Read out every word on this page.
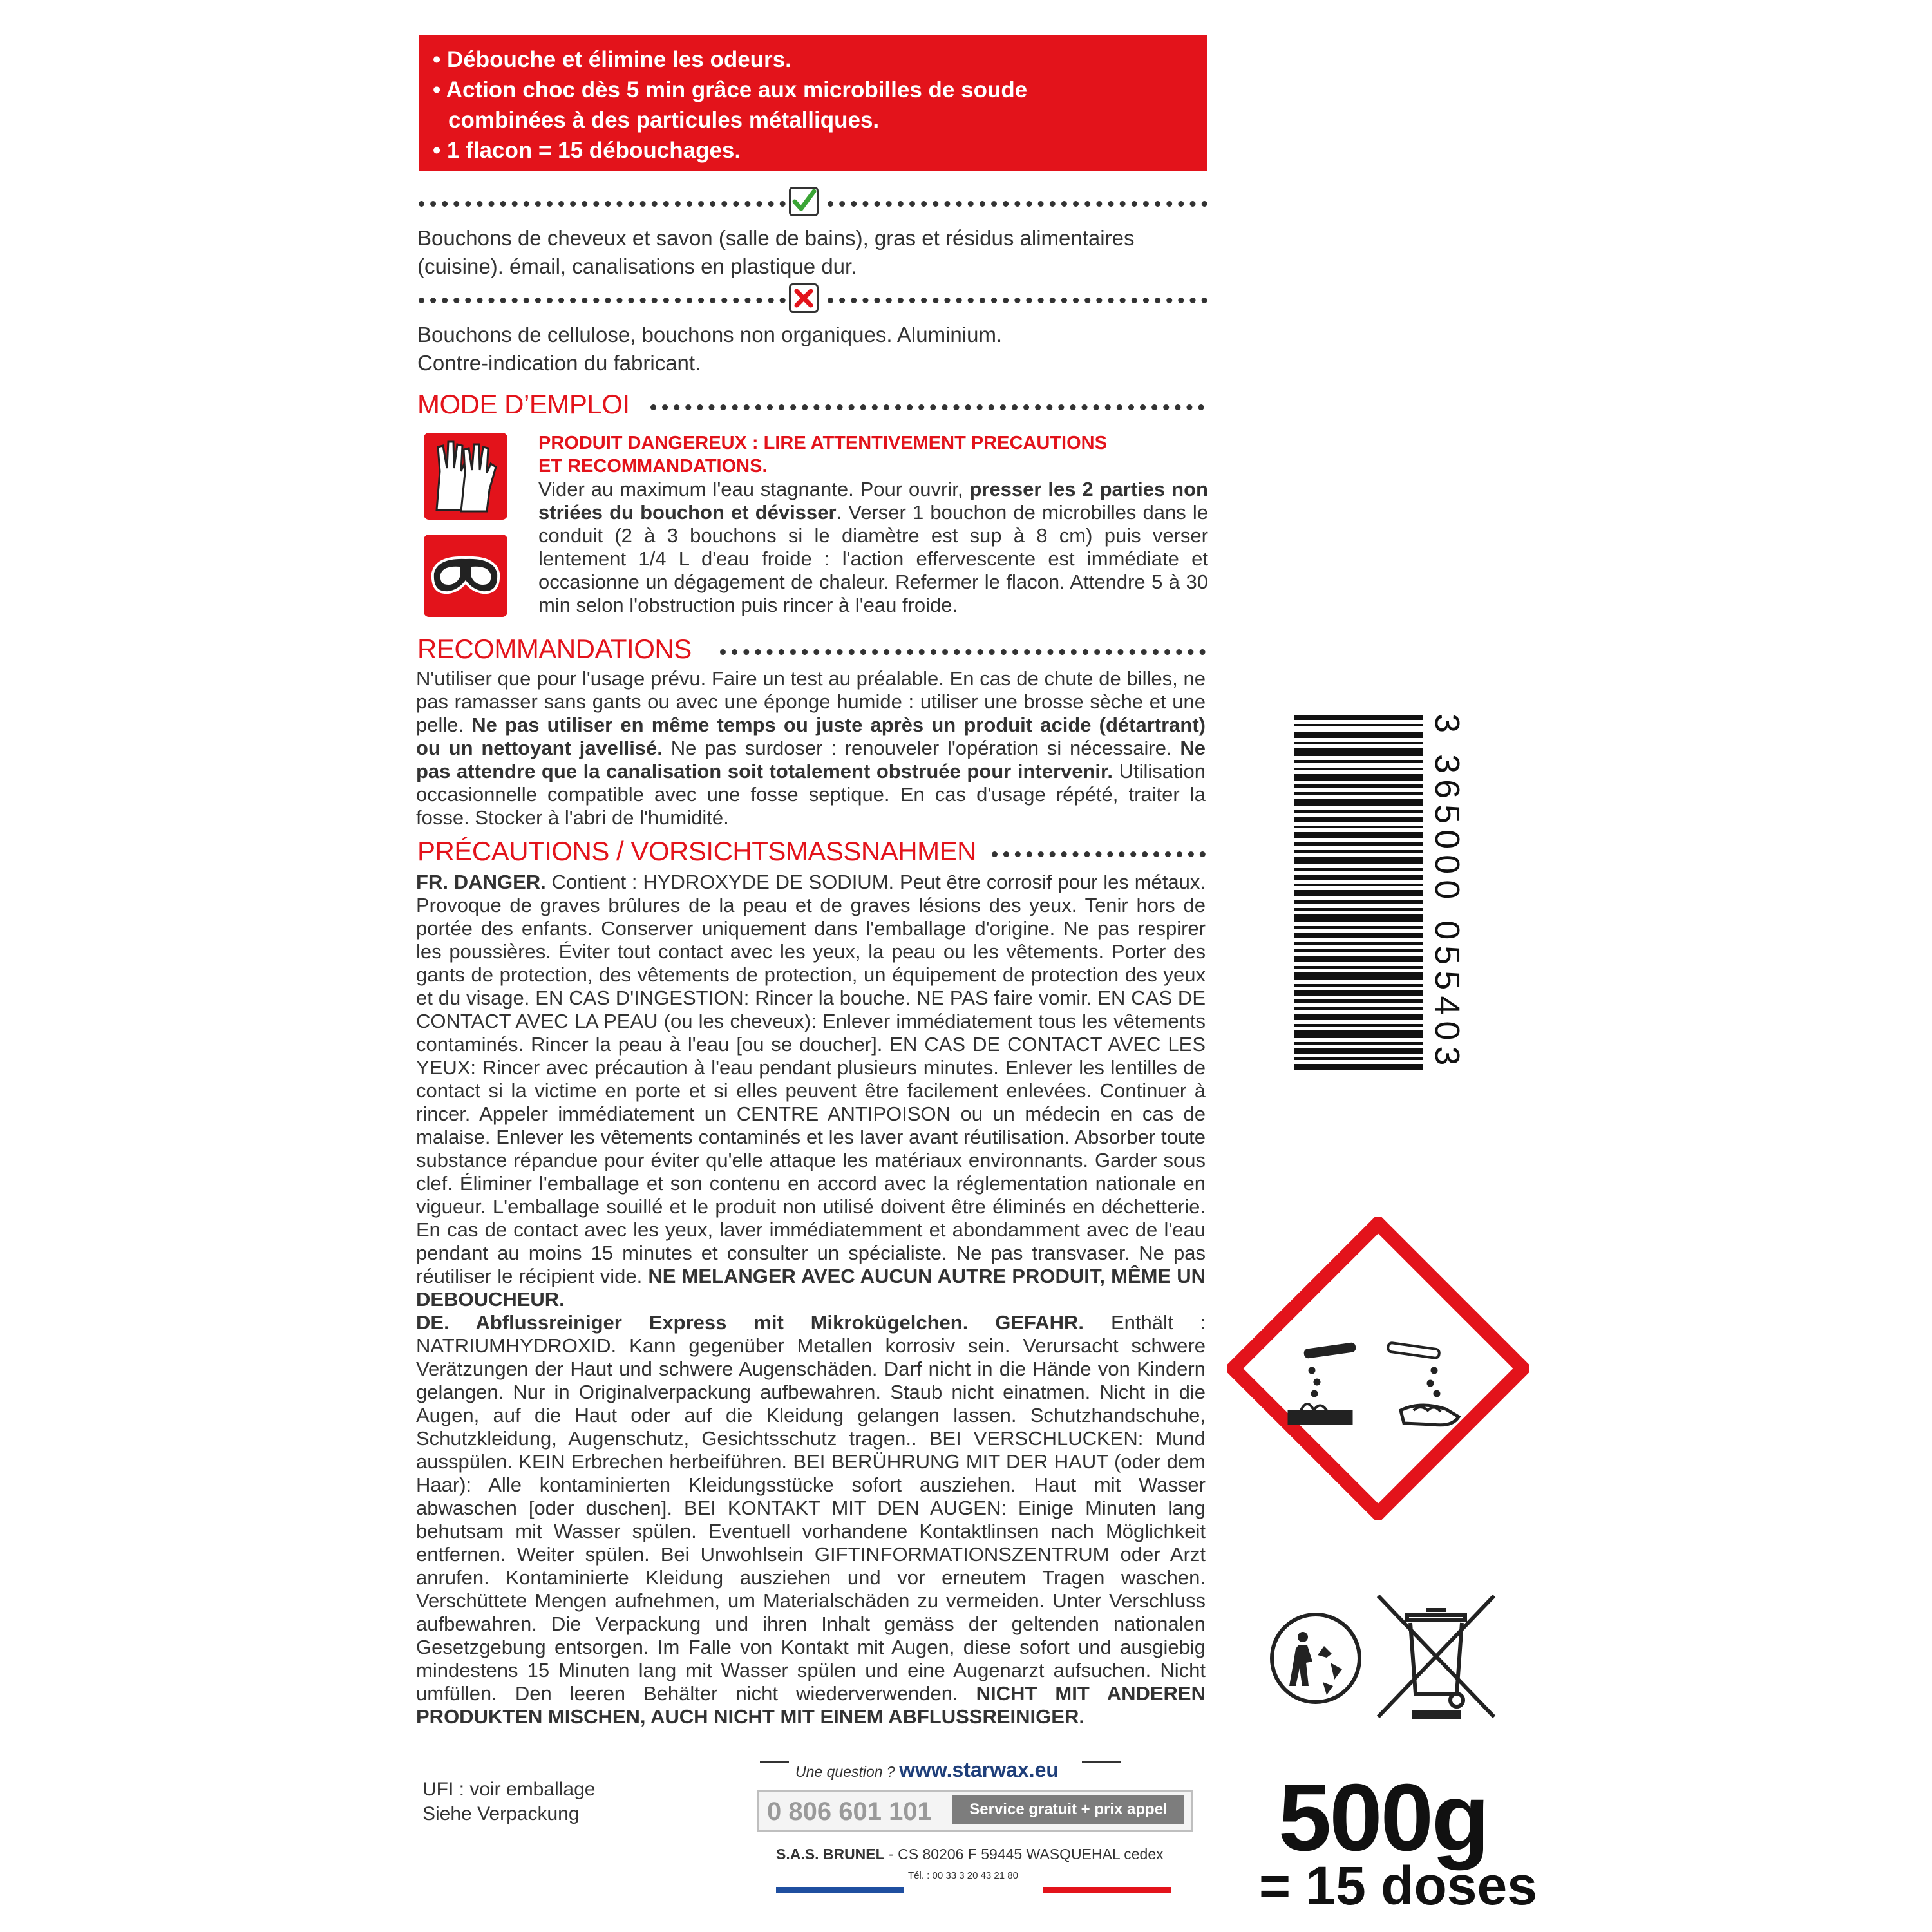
• Débouche et élimine les odeurs.
• Action choc dès 5 min grâce aux microbilles de soude
combinées à des particules métalliques.
• 1 flacon = 15 débouchages.
Bouchons de cheveux et savon (salle de bains), gras et résidus alimentaires
(cuisine). émail, canalisations en plastique dur.
Bouchons de cellulose, bouchons non organiques. Aluminium.
Contre-indication du fabricant.
MODE D’EMPLOI
PRODUIT DANGEREUX : LIRE ATTENTIVEMENT PRECAUTIONS
ET RECOMMANDATIONS.
Vider au maximum l'eau stagnante. Pour ouvrir, presser les 2 parties non striées du bouchon et dévisser. Verser 1 bouchon de microbilles dans le conduit (2 à 3 bouchons si le diamètre est sup à 8 cm) puis verser lentement 1/4 L d'eau froide : l'action effervescente est immédiate et occasionne un dégagement de chaleur. Refermer le flacon. Attendre 5 à 30 min selon l'obstruction puis rincer à l'eau froide.
RECOMMANDATIONS
N'utiliser que pour l'usage prévu. Faire un test au préalable. En cas de chute de billes, ne pas ramasser sans gants ou avec une éponge humide : utiliser une brosse sèche et une pelle. Ne pas utiliser en même temps ou juste après un produit acide (détartrant) ou un nettoyant javellisé. Ne pas surdoser : renouveler l'opération si nécessaire. Ne pas attendre que la canalisation soit totalement obstruée pour intervenir. Utilisation occasionnelle compatible avec une fosse septique. En cas d'usage répété, traiter la fosse. Stocker à l'abri de l'humidité.
PRÉCAUTIONS / VORSICHTSMASSNAHMEN
FR. DANGER. Contient : HYDROXYDE DE SODIUM. Peut être corrosif pour les métaux. Provoque de graves brûlures de la peau et de graves lésions des yeux. Tenir hors de portée des enfants. Conserver uniquement dans l'emballage d'origine. Ne pas respirer les poussières. Éviter tout contact avec les yeux, la peau ou les vêtements. Porter des gants de protection, des vêtements de protection, un équipement de protection des yeux et du visage. EN CAS D'INGESTION: Rincer la bouche. NE PAS faire vomir. EN CAS DE CONTACT AVEC LA PEAU (ou les cheveux): Enlever immédiatement tous les vêtements contaminés. Rincer la peau à l'eau [ou se doucher]. EN CAS DE CONTACT AVEC LES YEUX: Rincer avec précaution à l'eau pendant plusieurs minutes. Enlever les lentilles de contact si la victime en porte et si elles peuvent être facilement enlevées. Continuer à rincer. Appeler immédiatement un CENTRE ANTIPOISON ou un médecin en cas de malaise. Enlever les vêtements contaminés et les laver avant réutilisation. Absorber toute substance répandue pour éviter qu'elle attaque les matériaux environnants. Garder sous clef. Éliminer l'emballage et son contenu en accord avec la réglementation nationale en vigueur. L'emballage souillé et le produit non utilisé doivent être éliminés en déchetterie. En cas de contact avec les yeux, laver immédiatemment et abondamment avec de l'eau pendant au moins 15 minutes et consulter un spécialiste. Ne pas transvaser. Ne pas réutiliser le récipient vide. NE MELANGER AVEC AUCUN AUTRE PRODUIT, MÊME UN DEBOUCHEUR.
DE. Abflussreiniger Express mit Mikrokügelchen. GEFAHR. Enthält : NATRIUMHYDROXID. Kann gegenüber Metallen korrosiv sein. Verursacht schwere Verätzungen der Haut und schwere Augenschäden. Darf nicht in die Hände von Kindern gelangen. Nur in Originalverpackung aufbewahren. Staub nicht einatmen. Nicht in die Augen, auf die Haut oder auf die Kleidung gelangen lassen. Schutzhandschuhe, Schutzkleidung, Augenschutz, Gesichtsschutz tragen.. BEI VERSCHLUCKEN: Mund ausspülen. KEIN Erbrechen herbeiführen. BEI BERÜHRUNG MIT DER HAUT (oder dem Haar): Alle kontaminierten Kleidungsstücke sofort ausziehen. Haut mit Wasser abwaschen [oder duschen]. BEI KONTAKT MIT DEN AUGEN: Einige Minuten lang behutsam mit Wasser spülen. Eventuell vorhandene Kontaktlinsen nach Möglichkeit entfernen. Weiter spülen. Bei Unwohlsein GIFTINFORMATIONSZENTRUM oder Arzt anrufen. Kontaminierte Kleidung ausziehen und vor erneutem Tragen waschen. Verschüttete Mengen aufnehmen, um Materialschäden zu vermeiden. Unter Verschluss aufbewahren. Die Verpackung und ihren Inhalt gemäss der geltenden nationalen Gesetzgebung entsorgen. Im Falle von Kontakt mit Augen, diese sofort und ausgiebig mindestens 15 Minuten lang mit Wasser spülen und eine Augenarzt aufsuchen. Nicht umfüllen. Den leeren Behälter nicht wiederverwenden. NICHT MIT ANDEREN PRODUKTEN MISCHEN, AUCH NICHT MIT EINEM ABFLUSSREINIGER.
UFI : voir emballage
Siehe Verpackung
Une question ? www.starwax.eu
0 806 601 101	Service gratuit + prix appel
S.A.S. BRUNEL - CS 80206 F 59445 WASQUEHAL cedex
Tél. : 00 33 3 20 43 21 80
3 365000 055403
500g
= 15 doses
